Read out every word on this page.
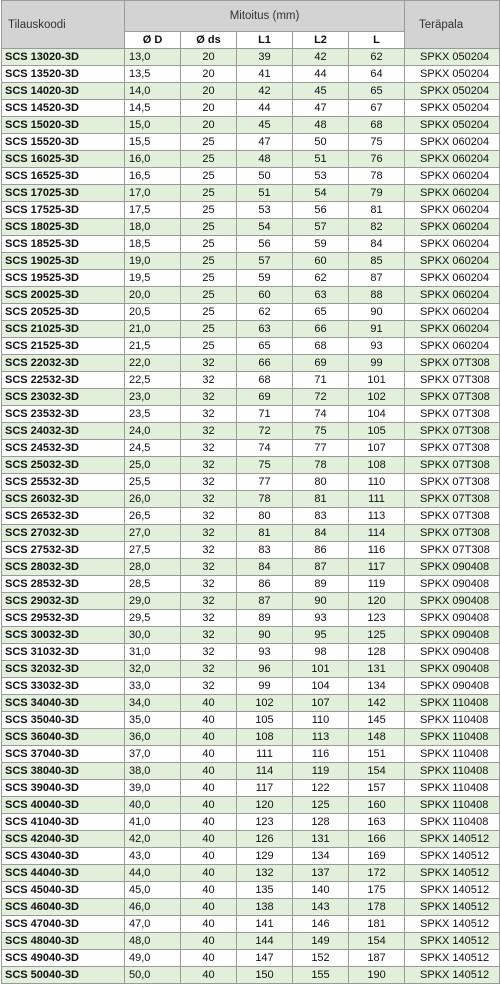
Tilauskoodi	Mitoitus (mm)					Teräpala
	Ø D	Ø ds	L1	L2	L	
SCS 13020-3D	13,0	20	39	42	62	SPKX 050204
SCS 13520-3D	13,5	20	41	44	64	SPKX 050204
SCS 14020-3D	14,0	20	42	45	65	SPKX 050204
SCS 14520-3D	14,5	20	44	47	67	SPKX 050204
SCS 15020-3D	15,0	20	45	48	68	SPKX 050204
SCS 15520-3D	15,5	25	47	50	75	SPKX 060204
SCS 16025-3D	16,0	25	48	51	76	SPKX 060204
SCS 16525-3D	16,5	25	50	53	78	SPKX 060204
SCS 17025-3D	17,0	25	51	54	79	SPKX 060204
SCS 17525-3D	17,5	25	53	56	81	SPKX 060204
SCS 18025-3D	18,0	25	54	57	82	SPKX 060204
SCS 18525-3D	18,5	25	56	59	84	SPKX 060204
SCS 19025-3D	19,0	25	57	60	85	SPKX 060204
SCS 19525-3D	19,5	25	59	62	87	SPKX 060204
SCS 20025-3D	20,0	25	60	63	88	SPKX 060204
SCS 20525-3D	20,5	25	62	65	90	SPKX 060204
SCS 21025-3D	21,0	25	63	66	91	SPKX 060204
SCS 21525-3D	21,5	25	65	68	93	SPKX 060204
SCS 22032-3D	22,0	32	66	69	99	SPKX 07T308
SCS 22532-3D	22,5	32	68	71	101	SPKX 07T308
SCS 23032-3D	23,0	32	69	72	102	SPKX 07T308
SCS 23532-3D	23,5	32	71	74	104	SPKX 07T308
SCS 24032-3D	24,0	32	72	75	105	SPKX 07T308
SCS 24532-3D	24,5	32	74	77	107	SPKX 07T308
SCS 25032-3D	25,0	32	75	78	108	SPKX 07T308
SCS 25532-3D	25,5	32	77	80	110	SPKX 07T308
SCS 26032-3D	26,0	32	78	81	111	SPKX 07T308
SCS 26532-3D	26,5	32	80	83	113	SPKX 07T308
SCS 27032-3D	27,0	32	81	84	114	SPKX 07T308
SCS 27532-3D	27,5	32	83	86	116	SPKX 07T308
SCS 28032-3D	28,0	32	84	87	117	SPKX 090408
SCS 28532-3D	28,5	32	86	89	119	SPKX 090408
SCS 29032-3D	29,0	32	87	90	120	SPKX 090408
SCS 29532-3D	29,5	32	89	93	123	SPKX 090408
SCS 30032-3D	30,0	32	90	95	125	SPKX 090408
SCS 31032-3D	31,0	32	93	98	128	SPKX 090408
SCS 32032-3D	32,0	32	96	101	131	SPKX 090408
SCS 33032-3D	33,0	32	99	104	134	SPKX 090408
SCS 34040-3D	34,0	40	102	107	142	SPKX 110408
SCS 35040-3D	35,0	40	105	110	145	SPKX 110408
SCS 36040-3D	36,0	40	108	113	148	SPKX 110408
SCS 37040-3D	37,0	40	111	116	151	SPKX 110408
SCS 38040-3D	38,0	40	114	119	154	SPKX 110408
SCS 39040-3D	39,0	40	117	122	157	SPKX 110408
SCS 40040-3D	40,0	40	120	125	160	SPKX 110408
SCS 41040-3D	41,0	40	123	128	163	SPKX 110408
SCS 42040-3D	42,0	40	126	131	166	SPKX 140512
SCS 43040-3D	43,0	40	129	134	169	SPKX 140512
SCS 44040-3D	44,0	40	132	137	172	SPKX 140512
SCS 45040-3D	45,0	40	135	140	175	SPKX 140512
SCS 46040-3D	46,0	40	138	143	178	SPKX 140512
SCS 47040-3D	47,0	40	141	146	181	SPKX 140512
SCS 48040-3D	48,0	40	144	149	154	SPKX 140512
SCS 49040-3D	49,0	40	147	152	187	SPKX 140512
SCS 50040-3D	50,0	40	150	155	190	SPKX 140512
